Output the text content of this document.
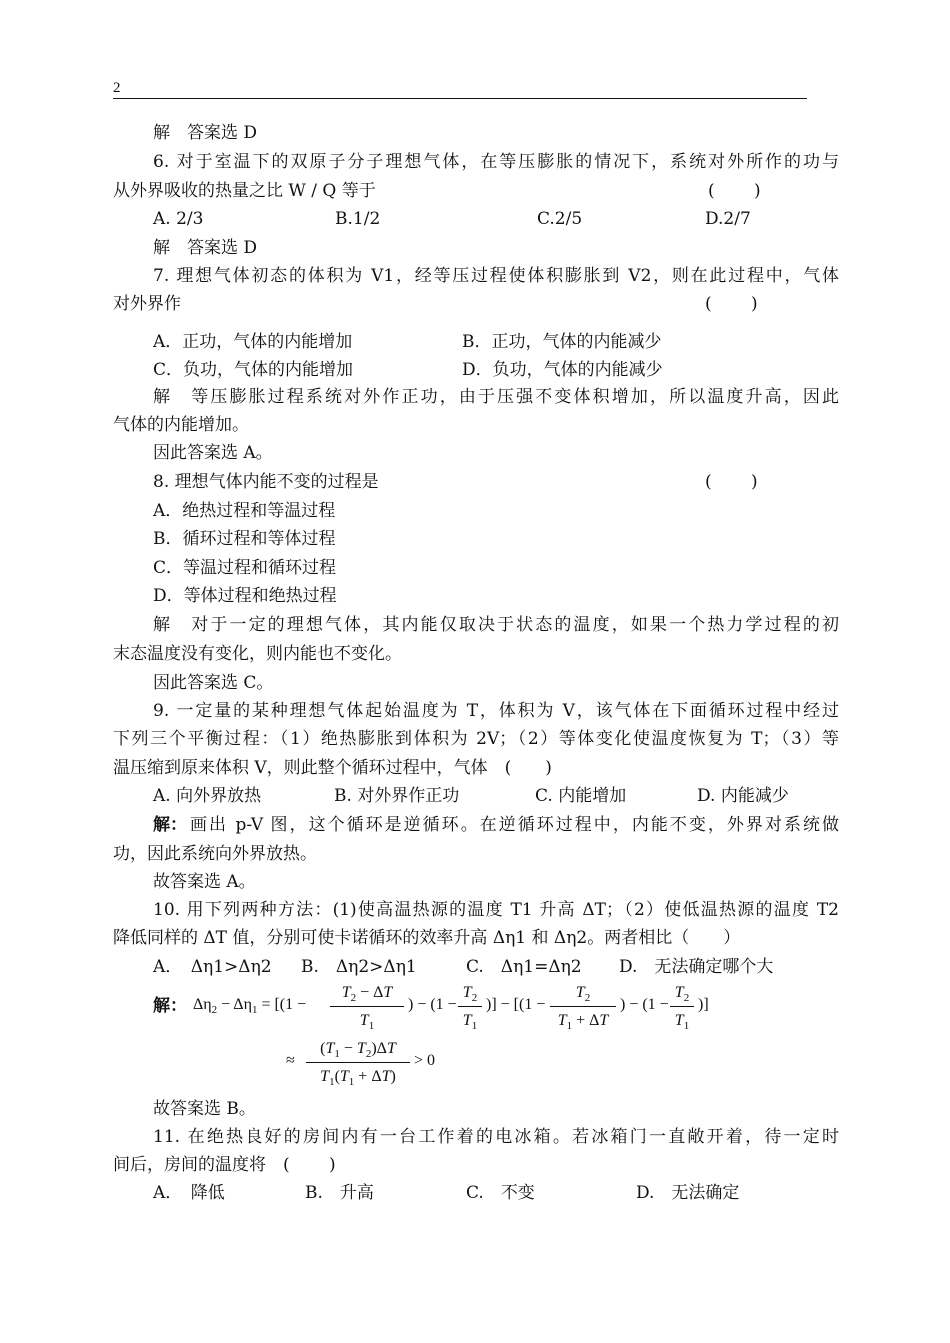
2
解　答案选 D
6. 对于室温下的双原子分子理想气体，在等压膨胀的情况下，系统对外所作的功与
从外界吸收的热量之比 W / Q 等于	(　　 )
A. 2/3	B.1/2	C.2/5	D.2/7
解　答案选 D
7. 理想气体初态的体积为 V1，经等压过程使体积膨胀到 V2，则在此过程中，气体
对外界作	(　　 )
A．正功，气体的内能增加	B．正功，气体的内能减少
C．负功，气体的内能增加	D．负功，气体的内能减少
解　等压膨胀过程系统对外作正功，由于压强不变体积增加，所以温度升高，因此
气体的内能增加。
因此答案选 A。
8. 理想气体内能不变的过程是	(　　 )
A．绝热过程和等温过程
B．循环过程和等体过程
C．等温过程和循环过程
D．等体过程和绝热过程
解　对于一定的理想气体，其内能仅取决于状态的温度，如果一个热力学过程的初
末态温度没有变化，则内能也不变化。
因此答案选 C。
9. 一定量的某种理想气体起始温度为 T，体积为 V，该气体在下面循环过程中经过
下列三个平衡过程：（1）绝热膨胀到体积为 2V；（2）等体变化使温度恢复为 T；（3）等
温压缩到原来体积 V，则此整个循环过程中，气体　(　　)
A. 向外界放热	B. 对外界作正功	C. 内能增加	D. 内能减少
解： 画出 p-V 图，这个循环是逆循环。在逆循环过程中，内能不变，外界对系统做
功，因此系统向外界放热。
故答案选 A。
10. 用下列两种方法：(1)使高温热源的温度 T1 升高 ΔT；（2）使低温热源的温度 T2
降低同样的 ΔT 值，分别可使卡诺循环的效率升高 Δη1 和 Δη2。两者相比（　　）
A．　Δη1>Δη2 B.　Δη2>Δη1	C.　Δη1=Δη2 D.　无法确定哪个大
解： $\Delta\eta_2 - \Delta\eta_1 = [(1$ −
$T_2 - \Delta T$
$T_1$
) − (1 −
$T_2$
$T_1$
)] − [(1 −
$T_2$
$T_1 + \Delta T$
) − (1 −
$T_2$
$T_1$
)]
≈
$(T_1 - T_2)\Delta T$
$T_1(T_1 + \Delta T)$
> 0
故答案选 B。
11. 在绝热良好的房间内有一台工作着的电冰箱。若冰箱门一直敞开着，待一定时
间后，房间的温度将　(　　 )
A．　降低	B.　升高	C.　不变	D.　无法确定
